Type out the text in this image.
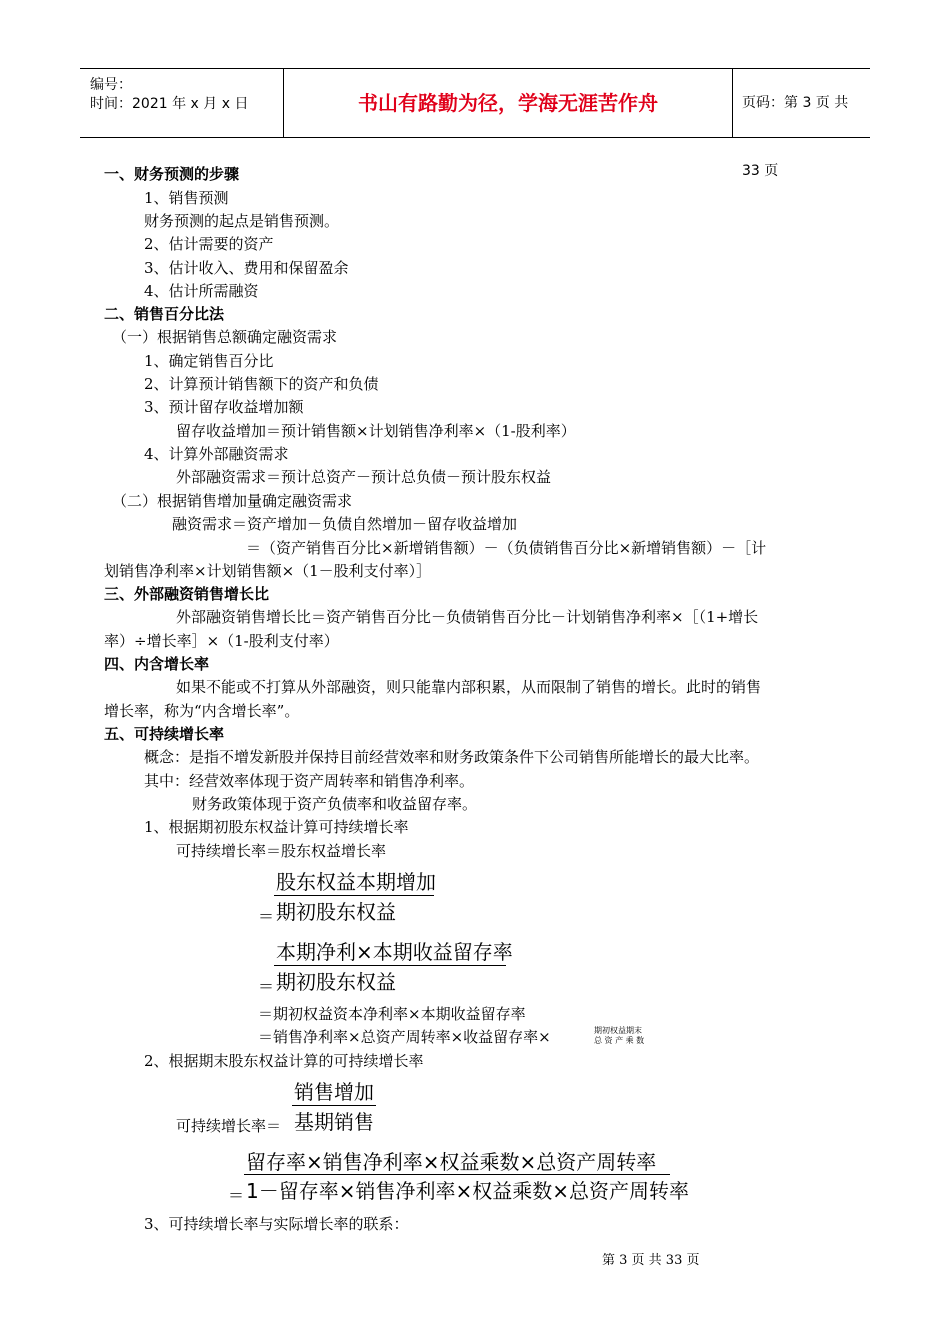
编号：
时间：2021 年 x 月 x 日	书山有路勤为径，学海无涯苦作舟	页码：第 3 页 共 33 页
一、财务预测的步骤
1、销售预测
财务预测的起点是销售预测。
2、估计需要的资产
3、估计收入、费用和保留盈余
4、估计所需融资
二、销售百分比法
（一）根据销售总额确定融资需求
1、确定销售百分比
2、计算预计销售额下的资产和负债
3、预计留存收益增加额
留存收益增加＝预计销售额×计划销售净利率×（1-股利率）
4、计算外部融资需求
外部融资需求＝预计总资产－预计总负债－预计股东权益
（二）根据销售增加量确定融资需求
融资需求＝资产增加－负债自然增加－留存收益增加
＝（资产销售百分比×新增销售额）－（负债销售百分比×新增销售额）－［计
划销售净利率×计划销售额×（1－股利支付率）］
三、外部融资销售增长比
外部融资销售增长比＝资产销售百分比－负债销售百分比－计划销售净利率×［（1+增长
率）÷增长率］×（1-股利支付率）
四、内含增长率
如果不能或不打算从外部融资，则只能靠内部积累，从而限制了销售的增长。此时的销售
增长率，称为“内含增长率”。
五、可持续增长率
概念：是指不增发新股并保持目前经营效率和财务政策条件下公司销售所能增长的最大比率。
其中：经营效率体现于资产周转率和销售净利率。
财务政策体现于资产负债率和收益留存率。
1、根据期初股东权益计算可持续增长率
可持续增长率＝股东权益增长率
股东权益本期增加
＝ 期初股东权益
本期净利×本期收益留存率
＝ 期初股东权益
＝期初权益资本净利率×本期收益留存率
＝销售净利率×总资产周转率×收益留存率×	期初权益期末
总 资 产 乘 数
2、根据期末股东权益计算的可持续增长率
可持续增长率＝
销售增加
基期销售
留存率×销售净利率×权益乘数×总资产周转率
＝ 1－留存率×销售净利率×权益乘数×总资产周转率
3、可持续增长率与实际增长率的联系：
第 3 页 共 33 页
